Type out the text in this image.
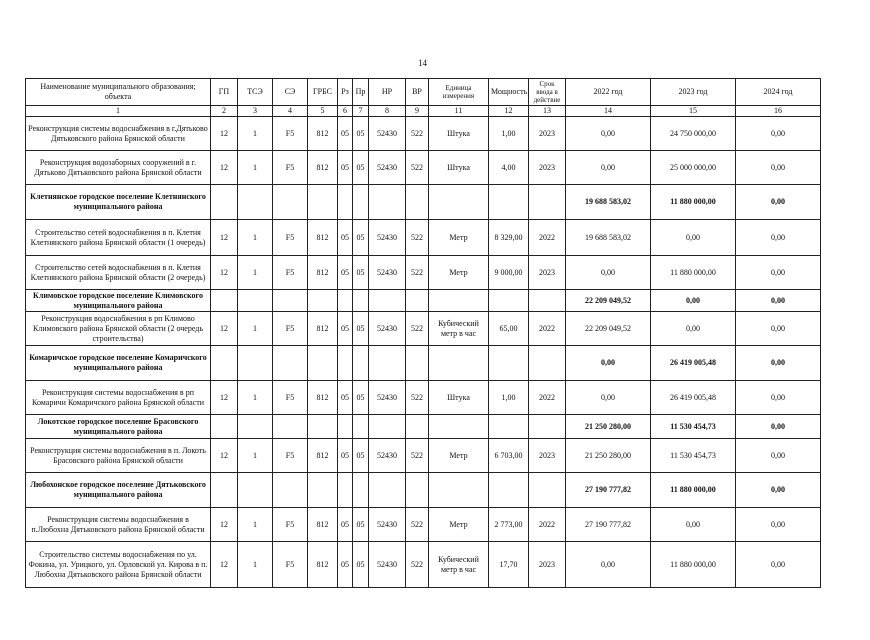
14
Наименование муниципального образования; объекта	ГП	ТСЭ	СЭ	ГРБС	Рз	Пр	НР	ВР	Единица измерения	Мощность	Срок ввода в действие	2022 год	2023 год	2024 год
1	2	3	4	5	6	7	8	9	11	12	13	14	15	16
Реконструкция системы водоснабжения в г.Дятьково Дятьковского района Брянской области	12	1	F5	812	05	05	52430	522	Штука	1,00	2023	0,00	24 750 000,00	0,00
Реконструкция водозаборных сооружений в г. Дятьково Дятьковского района Брянской области	12	1	F5	812	05	05	52430	522	Штука	4,00	2023	0,00	25 000 000,00	0,00
Клетнянское городское поселение Клетнянского муниципального района												19 688 583,02	11 880 000,00	0,00
Строительство сетей водоснабжения в п. Клетня Клетнянского района Брянской области (1 очередь)	12	1	F5	812	05	05	52430	522	Метр	8 329,00	2022	19 688 583,02	0,00	0,00
Строительство сетей водоснабжения в п. Клетня Клетнянского района Брянской области (2 очередь)	12	1	F5	812	05	05	52430	522	Метр	9 000,00	2023	0,00	11 880 000,00	0,00
Климовское городское поселение Климовского муниципального района												22 209 049,52	0,00	0,00
Реконструкция водоснабжения в рп Климово Климовского района Брянской области (2 очередь строительства)	12	1	F5	812	05	05	52430	522	Кубический метр в час	65,00	2022	22 209 049,52	0,00	0,00
Комаричское городское поселение Комаричского муниципального района												0,00	26 419 005,48	0,00
Реконструкция системы водоснабжения в рп Комаричи Комаричского района Брянской области	12	1	F5	812	05	05	52430	522	Штука	1,00	2022	0,00	26 419 005,48	0,00
Локотское городское поселение Брасовского муниципального района												21 250 280,00	11 530 454,73	0,00
Реконструкция системы водоснабжения в п. Локоть Брасовского района Брянской области	12	1	F5	812	05	05	52430	522	Метр	6 703,00	2023	21 250 280,00	11 530 454,73	0,00
Любохонское городское поселение Дятьковского муниципального района												27 190 777,82	11 880 000,00	0,00
Реконструкция системы водоснабжения в п.Любохна Дятьковского района Брянской области	12	1	F5	812	05	05	52430	522	Метр	2 773,00	2022	27 190 777,82	0,00	0,00
Строительство системы водоснабжения по ул. Фокина, ул. Урицкого, ул. Орловской ул. Кирова в п. Любохна Дятьковского района Брянской области	12	1	F5	812	05	05	52430	522	Кубический метр в час	17,70	2023	0,00	11 880 000,00	0,00
